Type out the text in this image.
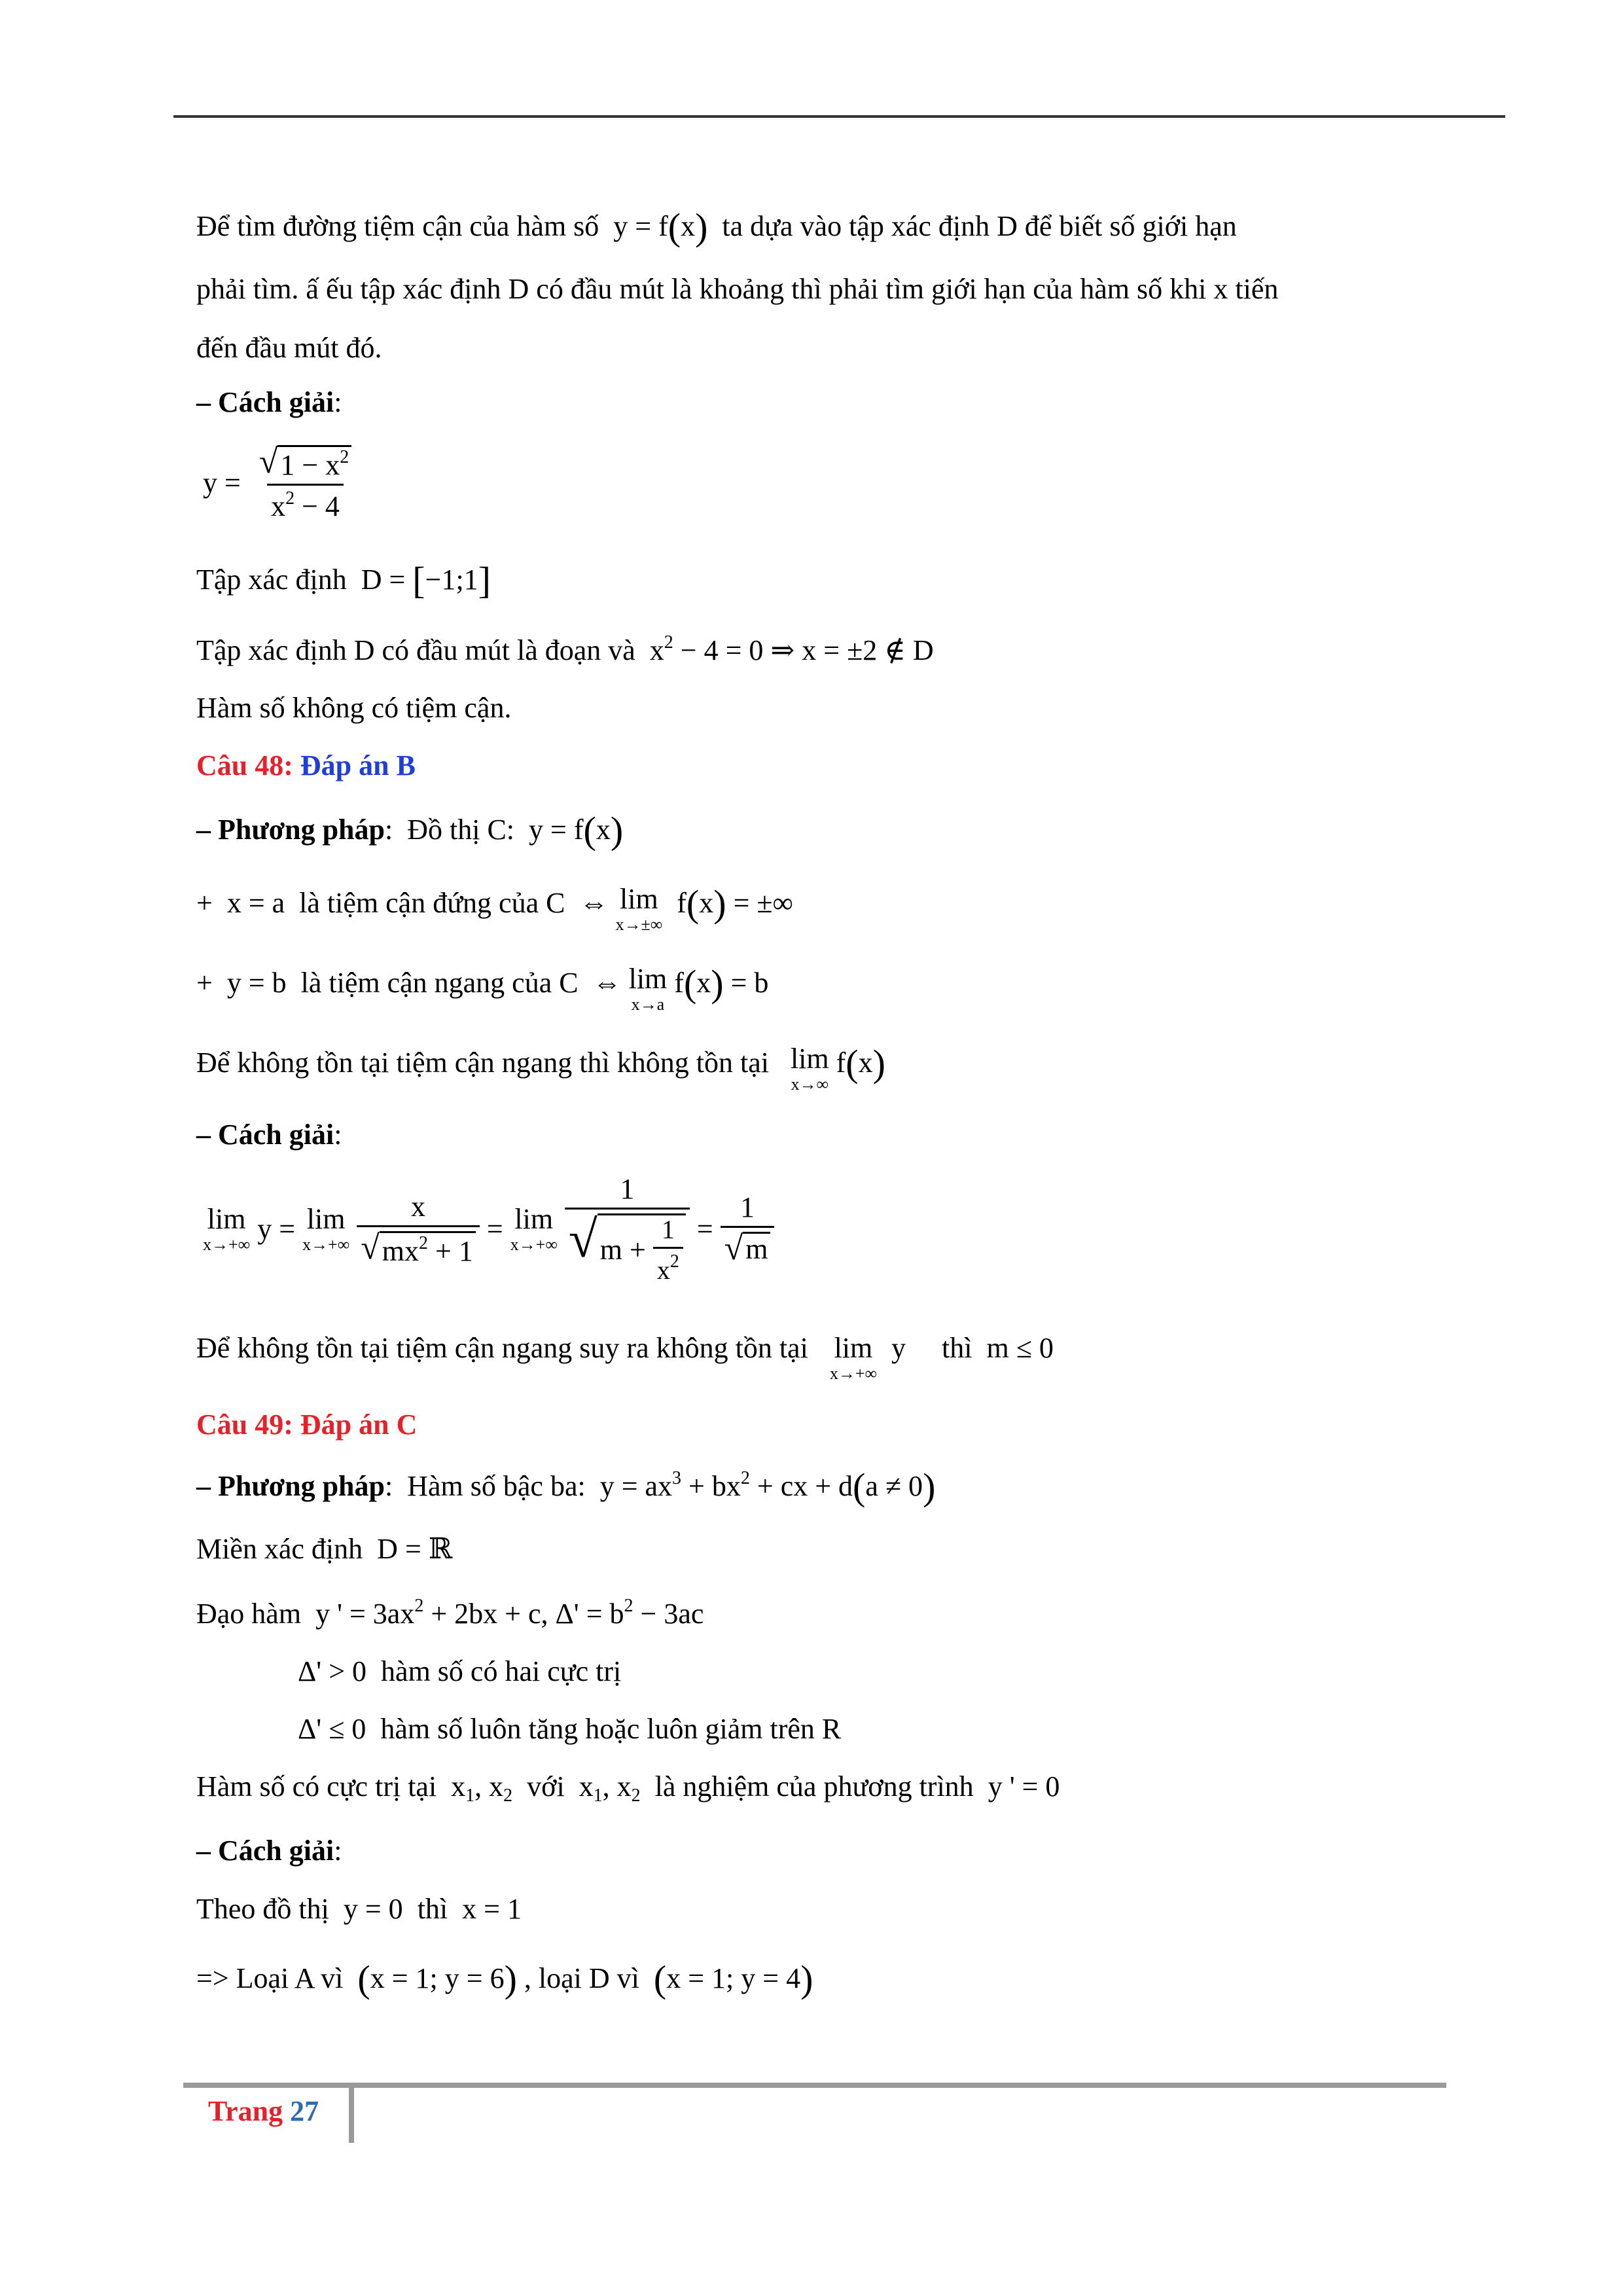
Để tìm đường tiệm cận của hàm số  y = f(x) ta dựa vào tập xác định D để biết số giới hạn
phải tìm. ấ ếu tập xác định D có đầu mút là khoảng thì phải tìm giới hạn của hàm số khi x tiến
đến đầu mút đó.
– Cách giải:
$y = \frac{√ 1 - x^2}{x^2 - 4}$
Tập xác định  D = [−1;1]
Tập xác định D có đầu mút là đoạn và  $x^2 - 4 = 0$ ⇒ x = ±2 ∉ D
Hàm số không có tiệm cận.
Câu 48: Đáp án B
– Phương pháp:  Đồ thị C:  y = f(x)
+  x = a  là tiệm cận đứng của C  ⇔ lim
x→±∞
f(x) = ±∞
+  y = b  là tiệm cận ngang của C  ⇔ lim
x→a
f(x) = b
Để không tồn tại tiệm cận ngang thì không tồn tại lim
x→∞
f(x)
– Cách giải:
lim
x→+∞ y = lim
x→+∞
$\frac{x}{√ mx^2 + 1} = \lim$
x→+∞
$\frac{1}{√ m + \frac{1}{x^2}} = \frac{1}{√ m}$
Để không tồn tại tiệm cận ngang suy ra không tồn tại lim
x→+∞
y     thì  m ≤ 0
Câu 49: Đáp án C
– Phương pháp:  Hàm số bậc ba:  $y = ax^3 + bx^2$ + cx + d(a ≠ 0)
Miền xác định  D = ℝ
Đạo hàm  y ' = $3ax^2 + 2bx + c$, $\Delta' = b^2 - 3ac$
Δ' > 0  hàm số có hai cực trị
Δ' ≤ 0  hàm số luôn tăng hoặc luôn giảm trên R
Hàm số có cực trị tại  $x_1$, $x_2$ với  $x_1$, $x_2$ là nghiệm của phương trình  y ' = 0
– Cách giải:
Theo đồ thị  y = 0  thì  x = 1
=> Loại A vì (x = 1; y = 6) , loại D vì (x = 1; y = 4)
Trang 27
